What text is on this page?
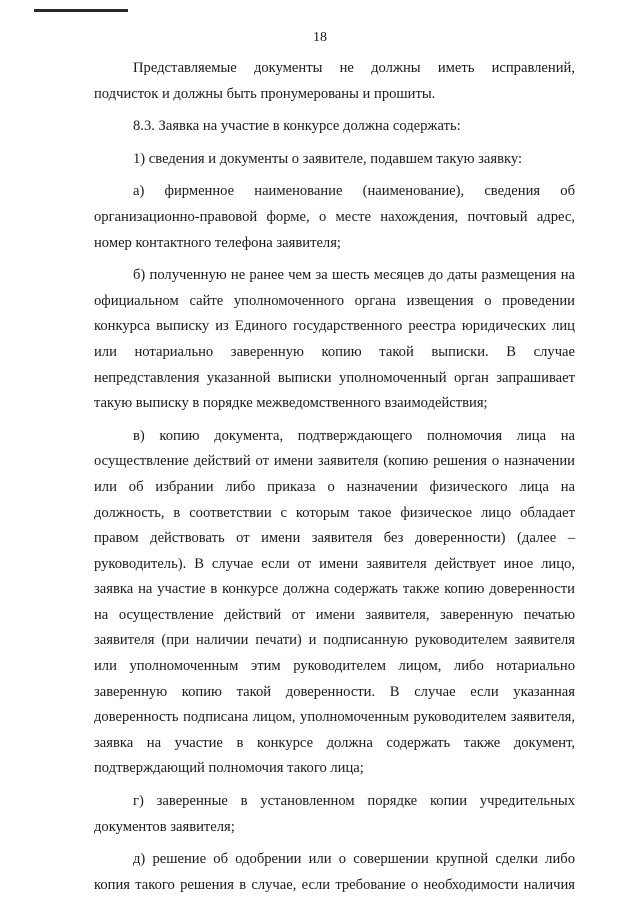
18

Представляемые документы не должны иметь исправлений, подчисток и должны быть пронумерованы и прошиты.

8.3. Заявка на участие в конкурсе должна содержать:

1) сведения и документы о заявителе, подавшем такую заявку:

а) фирменное наименование (наименование), сведения об организационно-правовой форме, о месте нахождения, почтовый адрес, номер контактного телефона заявителя;

б) полученную не ранее чем за шесть месяцев до даты размещения на официальном сайте уполномоченного органа извещения о проведении конкурса выписку из Единого государственного реестра юридических лиц или нотариально заверенную копию такой выписки. В случае непредставления указанной выписки уполномоченный орган запрашивает такую выписку в порядке межведомственного взаимодействия;

в) копию документа, подтверждающего полномочия лица на осуществление действий от имени заявителя (копию решения о назначении или об избрании либо приказа о назначении физического лица на должность, в соответствии с которым такое физическое лицо обладает правом действовать от имени заявителя без доверенности) (далее – руководитель). В случае если от имени заявителя действует иное лицо, заявка на участие в конкурсе должна содержать также копию доверенности на осуществление действий от имени заявителя, заверенную печатью заявителя (при наличии печати) и подписанную руководителем заявителя или уполномоченным этим руководителем лицом, либо нотариально заверенную копию такой доверенности. В случае если указанная доверенность подписана лицом, уполномоченным руководителем заявителя, заявка на участие в конкурсе должна содержать также документ, подтверждающий полномочия такого лица;

г) заверенные в установленном порядке копии учредительных документов заявителя;

д) решение об одобрении или о совершении крупной сделки либо копия такого решения в случае, если требование о необходимости наличия
